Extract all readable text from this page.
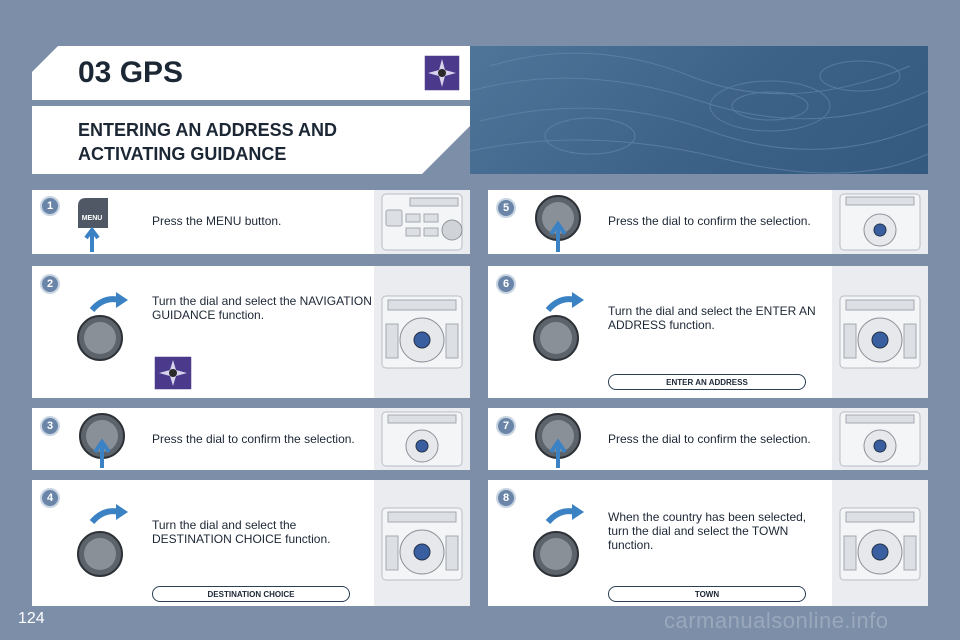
03 GPS
ENTERING AN ADDRESS AND ACTIVATING GUIDANCE
1
MENU	Press the MENU button.
2
Turn the dial and select the NAVIGATION GUIDANCE function.
3
Press the dial to confirm the selection.
4
Turn the dial and select the DESTINATION CHOICE function.
DESTINATION CHOICE
5
Press the dial to confirm the selection.
6
Turn the dial and select the ENTER AN ADDRESS function.
ENTER AN ADDRESS
7
Press the dial to confirm the selection.
8
When the country has been selected, turn the dial and select the TOWN function.
TOWN
124	carmanualsonline.info
